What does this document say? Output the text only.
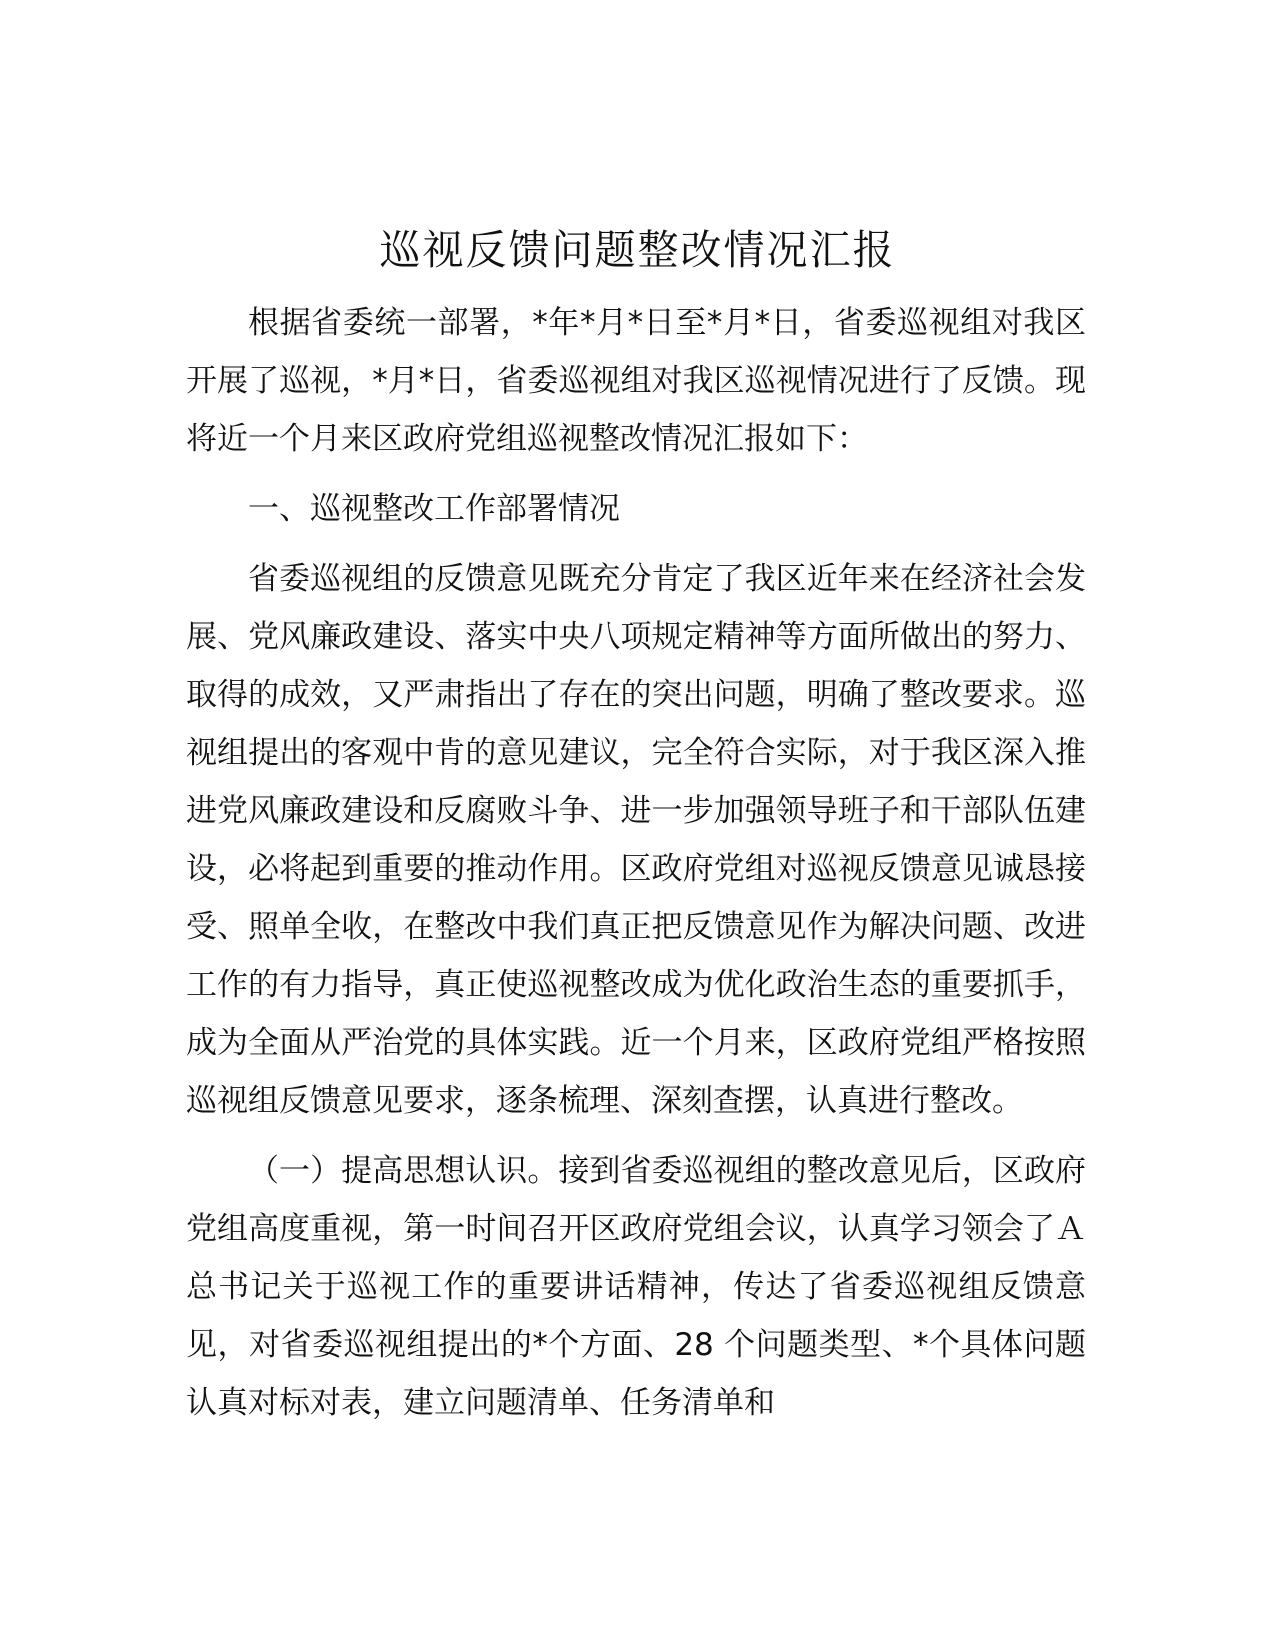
巡视反馈问题整改情况汇报

根据省委统一部署，*年*月*日至*月*日，省委巡视组对我区开展了巡视，*月*日，省委巡视组对我区巡视情况进行了反馈。现将近一个月来区政府党组巡视整改情况汇报如下：

一、巡视整改工作部署情况

省委巡视组的反馈意见既充分肯定了我区近年来在经济社会发展、党风廉政建设、落实中央八项规定精神等方面所做出的努力、取得的成效，又严肃指出了存在的突出问题，明确了整改要求。巡视组提出的客观中肯的意见建议，完全符合实际，对于我区深入推进党风廉政建设和反腐败斗争、进一步加强领导班子和干部队伍建设，必将起到重要的推动作用。区政府党组对巡视反馈意见诚恳接受、照单全收，在整改中我们真正把反馈意见作为解决问题、改进工作的有力指导，真正使巡视整改成为优化政治生态的重要抓手，成为全面从严治党的具体实践。近一个月来，区政府党组严格按照巡视组反馈意见要求，逐条梳理、深刻查摆，认真进行整改。

（一）提高思想认识。接到省委巡视组的整改意见后，区政府党组高度重视，第一时间召开区政府党组会议，认真学习领会了Ａ总书记关于巡视工作的重要讲话精神，传达了省委巡视组反馈意见，对省委巡视组提出的*个方面、28 个问题类型、*个具体问题认真对标对表，建立问题清单、任务清单和
